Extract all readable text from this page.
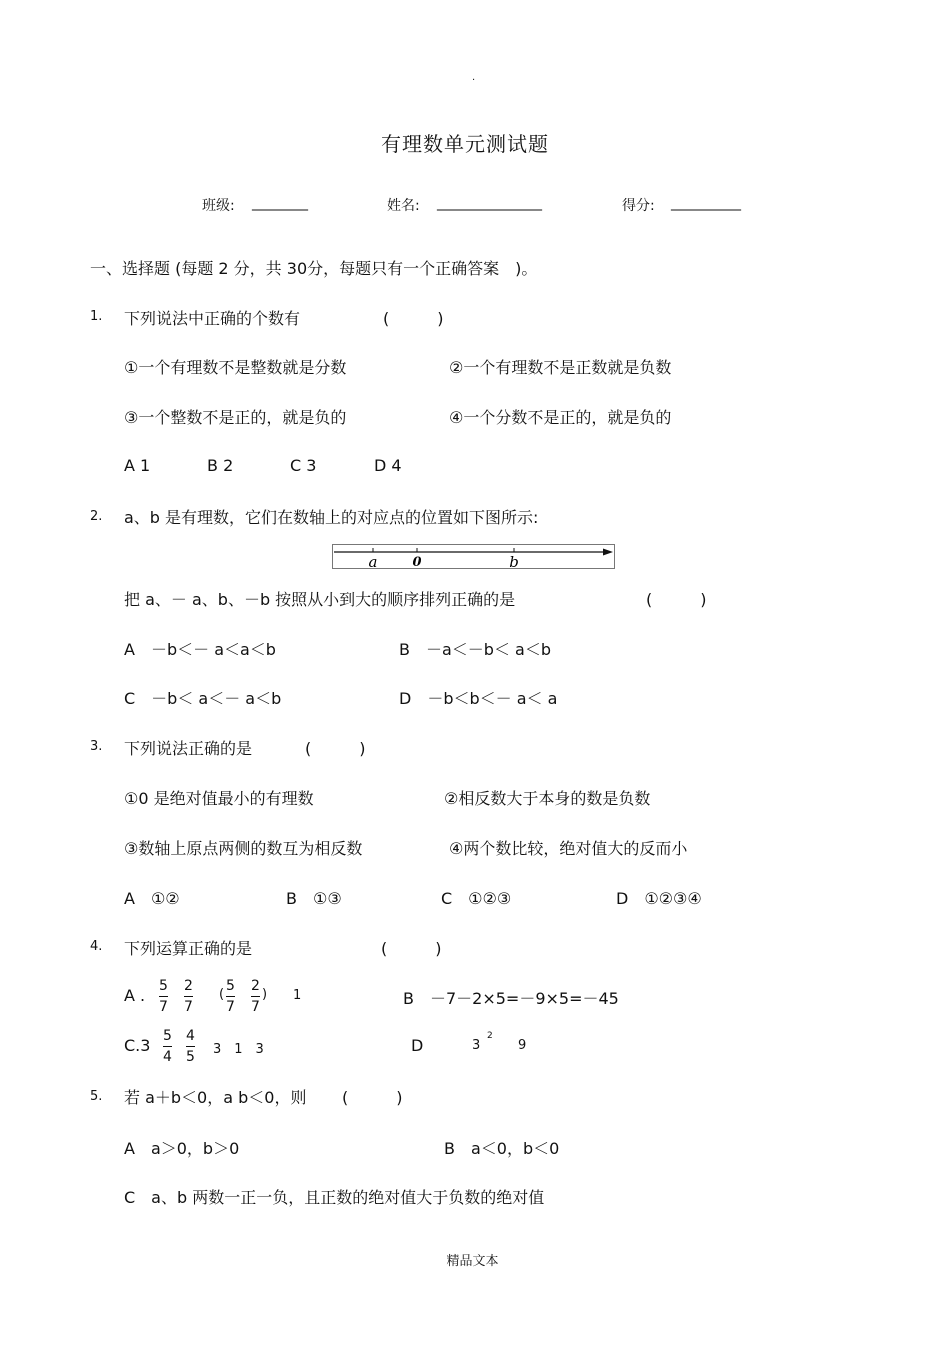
.
有理数单元测试题
班级: ________	姓名: _______________	得分: __________
一、选择题 (每题 2 分，共 30分，每题只有一个正确答案　)。
1. 下列说法中正确的个数有	(　　　)
①一个有理数不是整数就是分数	②一个有理数不是正数就是负数
③一个整数不是正的，就是负的	④一个分数不是正的，就是负的
A 1	B 2	C 3	D 4
2. a、b 是有理数，它们在数轴上的对应点的位置如下图所示:
a	0	b
把 a、－ a、b、－b 按照从小到大的顺序排列正确的是	(　　　)
A　－b＜－ a＜a＜b	B　－a＜－b＜ a＜b
C　－b＜ a＜－ a＜b	D　－b＜b＜－ a＜ a
3. 下列说法正确的是	(　　　)
①0 是绝对值最小的有理数	②相反数大于本身的数是负数
③数轴上原点两侧的数互为相反数	④两个数比较，绝对值大的反而小
A　①②	B　①③	C　①②③	D　①②③④
4. 下列运算正确的是	(　　　)
A . 5
7
2
7
(
5
7
2
7
) 1	B　－7－2×5=－9×5=－45
C.3 5
4
4
5 3　1　3	D	3
2
9
5. 若 a＋b＜0，a b＜0，则 (　　　)
A　a＞0，b＞0	B　a＜0，b＜0
C　a、b 两数一正一负，且正数的绝对值大于负数的绝对值
精品文本
